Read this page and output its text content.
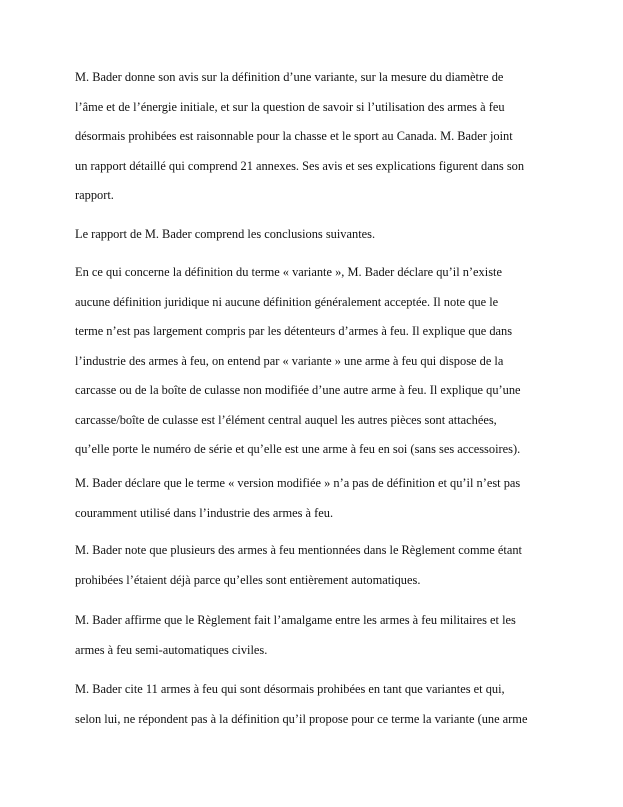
M. Bader donne son avis sur la définition d’une variante, sur la mesure du diamètre de
l’âme et de l’énergie initiale, et sur la question de savoir si l’utilisation des armes à feu
désormais prohibées est raisonnable pour la chasse et le sport au Canada. M. Bader joint
un rapport détaillé qui comprend 21 annexes. Ses avis et ses explications figurent dans son
rapport.

Le rapport de M. Bader comprend les conclusions suivantes.

En ce qui concerne la définition du terme « variante », M. Bader déclare qu’il n’existe
aucune définition juridique ni aucune définition généralement acceptée. Il note que le
terme n’est pas largement compris par les détenteurs d’armes à feu. Il explique que dans
l’industrie des armes à feu, on entend par « variante » une arme à feu qui dispose de la
carcasse ou de la boîte de culasse non modifiée d’une autre arme à feu. Il explique qu’une
carcasse/boîte de culasse est l’élément central auquel les autres pièces sont attachées,
qu’elle porte le numéro de série et qu’elle est une arme à feu en soi (sans ses accessoires).

M. Bader déclare que le terme « version modifiée » n’a pas de définition et qu’il n’est pas
couramment utilisé dans l’industrie des armes à feu.

M. Bader note que plusieurs des armes à feu mentionnées dans le Règlement comme étant
prohibées l’étaient déjà parce qu’elles sont entièrement automatiques.

M. Bader affirme que le Règlement fait l’amalgame entre les armes à feu militaires et les
armes à feu semi-automatiques civiles.

M. Bader cite 11 armes à feu qui sont désormais prohibées en tant que variantes et qui,
selon lui, ne répondent pas à la définition qu’il propose pour ce terme la variante (une arme
